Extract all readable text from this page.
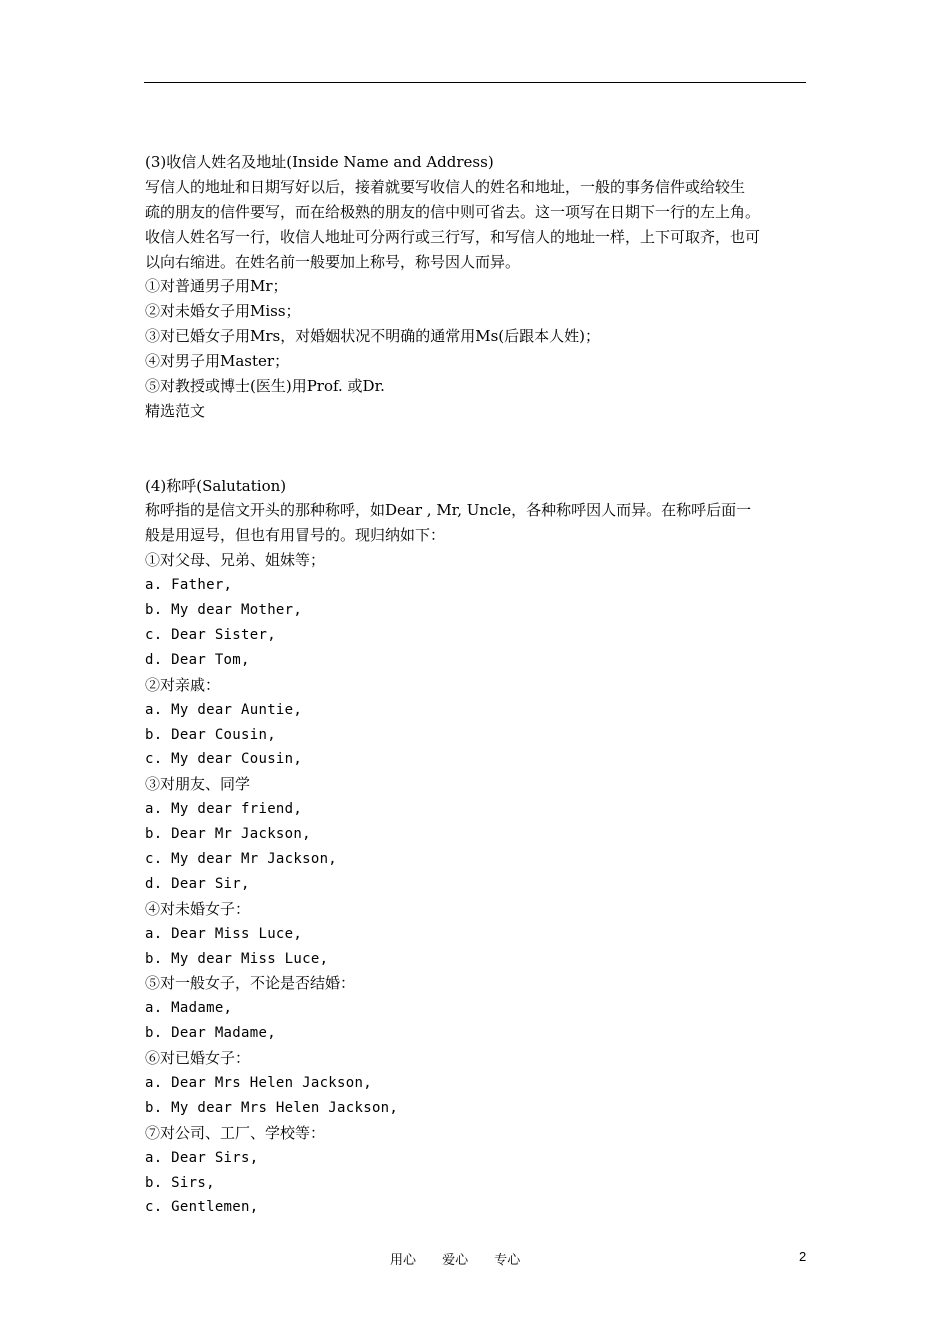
(3)收信人姓名及地址(Inside Name and Address)
写信人的地址和日期写好以后，接着就要写收信人的姓名和地址，一般的事务信件或给较生
疏的朋友的信件要写，而在给极熟的朋友的信中则可省去。这一项写在日期下一行的左上角。
收信人姓名写一行，收信人地址可分两行或三行写，和写信人的地址一样，上下可取齐，也可
以向右缩进。在姓名前一般要加上称号，称号因人而异。
①对普通男子用Mr；
②对未婚女子用Miss；
③对已婚女子用Mrs，对婚姻状况不明确的通常用Ms(后跟本人姓)；
④对男子用Master；
⑤对教授或博士(医生)用Prof. 或Dr.
精选范文
(4)称呼(Salutation)
称呼指的是信文开头的那种称呼，如Dear , Mr, Uncle，各种称呼因人而异。在称呼后面一
般是用逗号，但也有用冒号的。现归纳如下：
①对父母、兄弟、姐妹等；
a. Father,
b. My dear Mother,
c. Dear Sister,
d. Dear Tom,
②对亲戚：
a. My dear Auntie,
b. Dear Cousin,
c. My dear Cousin,
③对朋友、同学
a. My dear friend,
b. Dear Mr Jackson,
c. My dear Mr Jackson,
d. Dear Sir,
④对未婚女子：
a. Dear Miss Luce,
b. My dear Miss Luce,
⑤对一般女子，不论是否结婚：
a. Madame,
b. Dear Madame,
⑥对已婚女子：
a. Dear Mrs Helen Jackson,
b. My dear Mrs Helen Jackson,
⑦对公司、工厂、学校等：
a. Dear Sirs,
b. Sirs,
c. Gentlemen,
用心 爱心 专心	2
